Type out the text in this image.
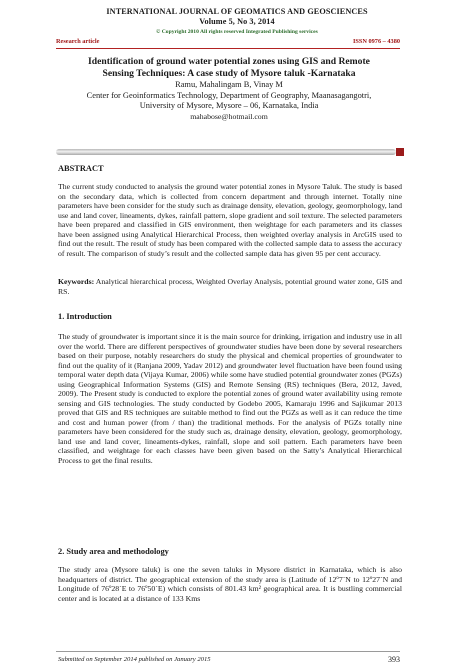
INTERNATIONAL JOURNAL OF GEOMATICS AND GEOSCIENCES
Volume 5, No 3, 2014
© Copyright 2010 All rights reserved Integrated Publishing services
Research article	ISSN 0976 – 4380
Identification of ground water potential zones using GIS and Remote
Sensing Techniques: A case study of Mysore taluk -Karnataka
Ramu, Mahalingam B, Vinay M
Center for Geoinformatics Technology, Department of Geography, Maanasagangotri,
University of Mysore, Mysore – 06, Karnataka, India
mahabose@hotmail.com
ABSTRACT
The current study conducted to analysis the ground water potential zones in Mysore Taluk. The study is based on the secondary data, which is collected from concern department and through internet. Totally nine parameters have been consider for the study such as drainage density, elevation, geology, geomorphology, land use and land cover, lineaments, dykes, rainfall pattern, slope gradient and soil texture. The selected parameters have been prepared and classified in GIS environment, then weightage for each parameters and its classes have been assigned using Analytical Hierarchical Process, then weighted overlay analysis in ArcGIS used to find out the result. The result of study has been compared with the collected sample data to assess the accuracy of result. The comparison of study’s result and the collected sample data has given 95 per cent accuracy.
Keywords: Analytical hierarchical process, Weighted Overlay Analysis, potential ground water zone, GIS and RS.
1. Introduction
The study of groundwater is important since it is the main source for drinking, irrigation and industry use in all over the world. There are different perspectives of groundwater studies have been done by several researchers based on their purpose, notably researchers do study the physical and chemical properties of groundwater to find out the quality of it (Ranjana 2009, Yadav 2012) and groundwater level fluctuation have been found using temporal water depth data (Vijaya Kumar, 2006) while some have studied potential groundwater zones (PGZs) using Geographical Information Systems (GIS) and Remote Sensing (RS) techniques (Bera, 2012, Javed, 2009). The Present study is conducted to explore the potential zones of ground water availability using remote sensing and GIS technologies. The study conducted by Godebo 2005, Kamaraju 1996 and Sajikumar 2013 proved that GIS and RS techniques are suitable method to find out the PGZs as well as it can reduce the time and cost and human power (from / than) the traditional methods. For the analysis of PGZs totally nine parameters have been considered for the study such as, drainage density, elevation, geology, geomorphology, land use and land cover, lineaments-dykes, rainfall, slope and soil pattern. Each parameters have been classified, and weightage for each classes have been given based on the Satty’s Analytical Hierarchical Process to get the final results.
2. Study area and methodology
The study area (Mysore taluk) is one the seven taluks in Mysore district in Karnataka, which is also headquarters of district. The geographical extension of the study area is (Latitude of 12º7´N to 12º27´N and Longitude of 76º28´E to 76º50´E) which consists of 801.43 km² geographical area. It is bustling commercial center and is located at a distance of 133 Kms
Submitted on September 2014 published on January 2015	393
